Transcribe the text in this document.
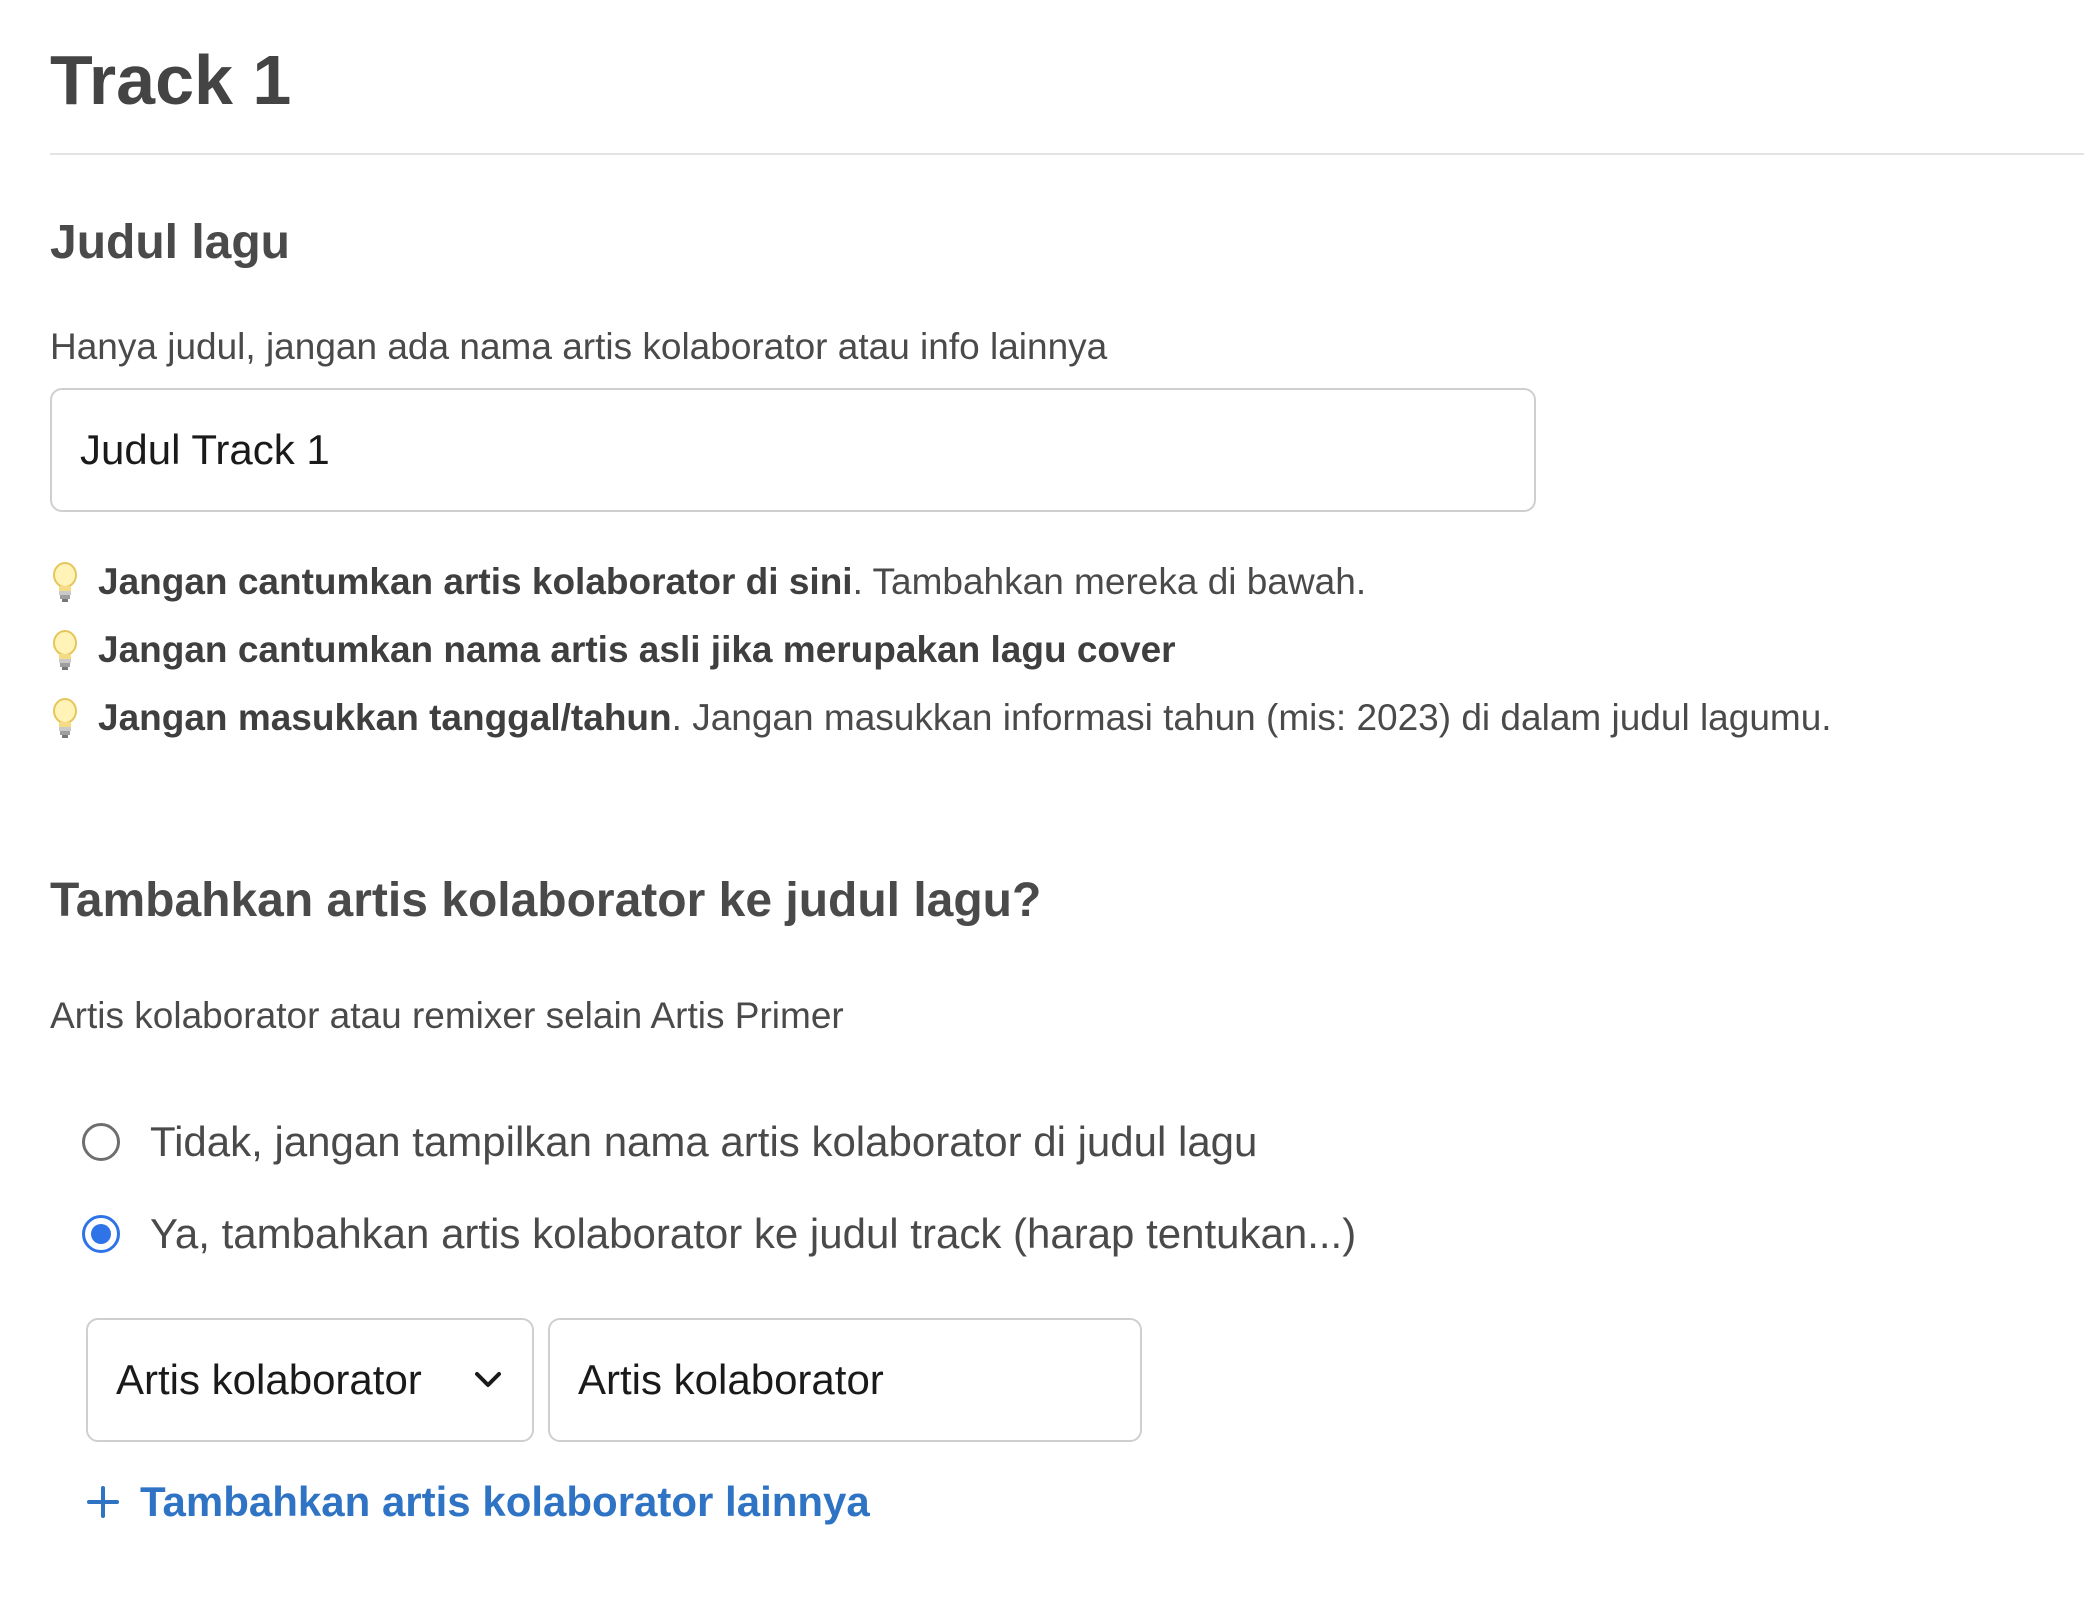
Track 1
Judul lagu
Hanya judul, jangan ada nama artis kolaborator atau info lainnya
Judul Track 1
Jangan cantumkan artis kolaborator di sini . Tambahkan mereka di bawah.
Jangan cantumkan nama artis asli jika merupakan lagu cover
Jangan masukkan tanggal/tahun . Jangan masukkan informasi tahun (mis: 2023) di dalam judul lagumu.
Tambahkan artis kolaborator ke judul lagu?
Artis kolaborator atau remixer selain Artis Primer
Tidak, jangan tampilkan nama artis kolaborator di judul lagu
Ya, tambahkan artis kolaborator ke judul track (harap tentukan...)
Artis kolaborator
Artis kolaborator
Tambahkan artis kolaborator lainnya
